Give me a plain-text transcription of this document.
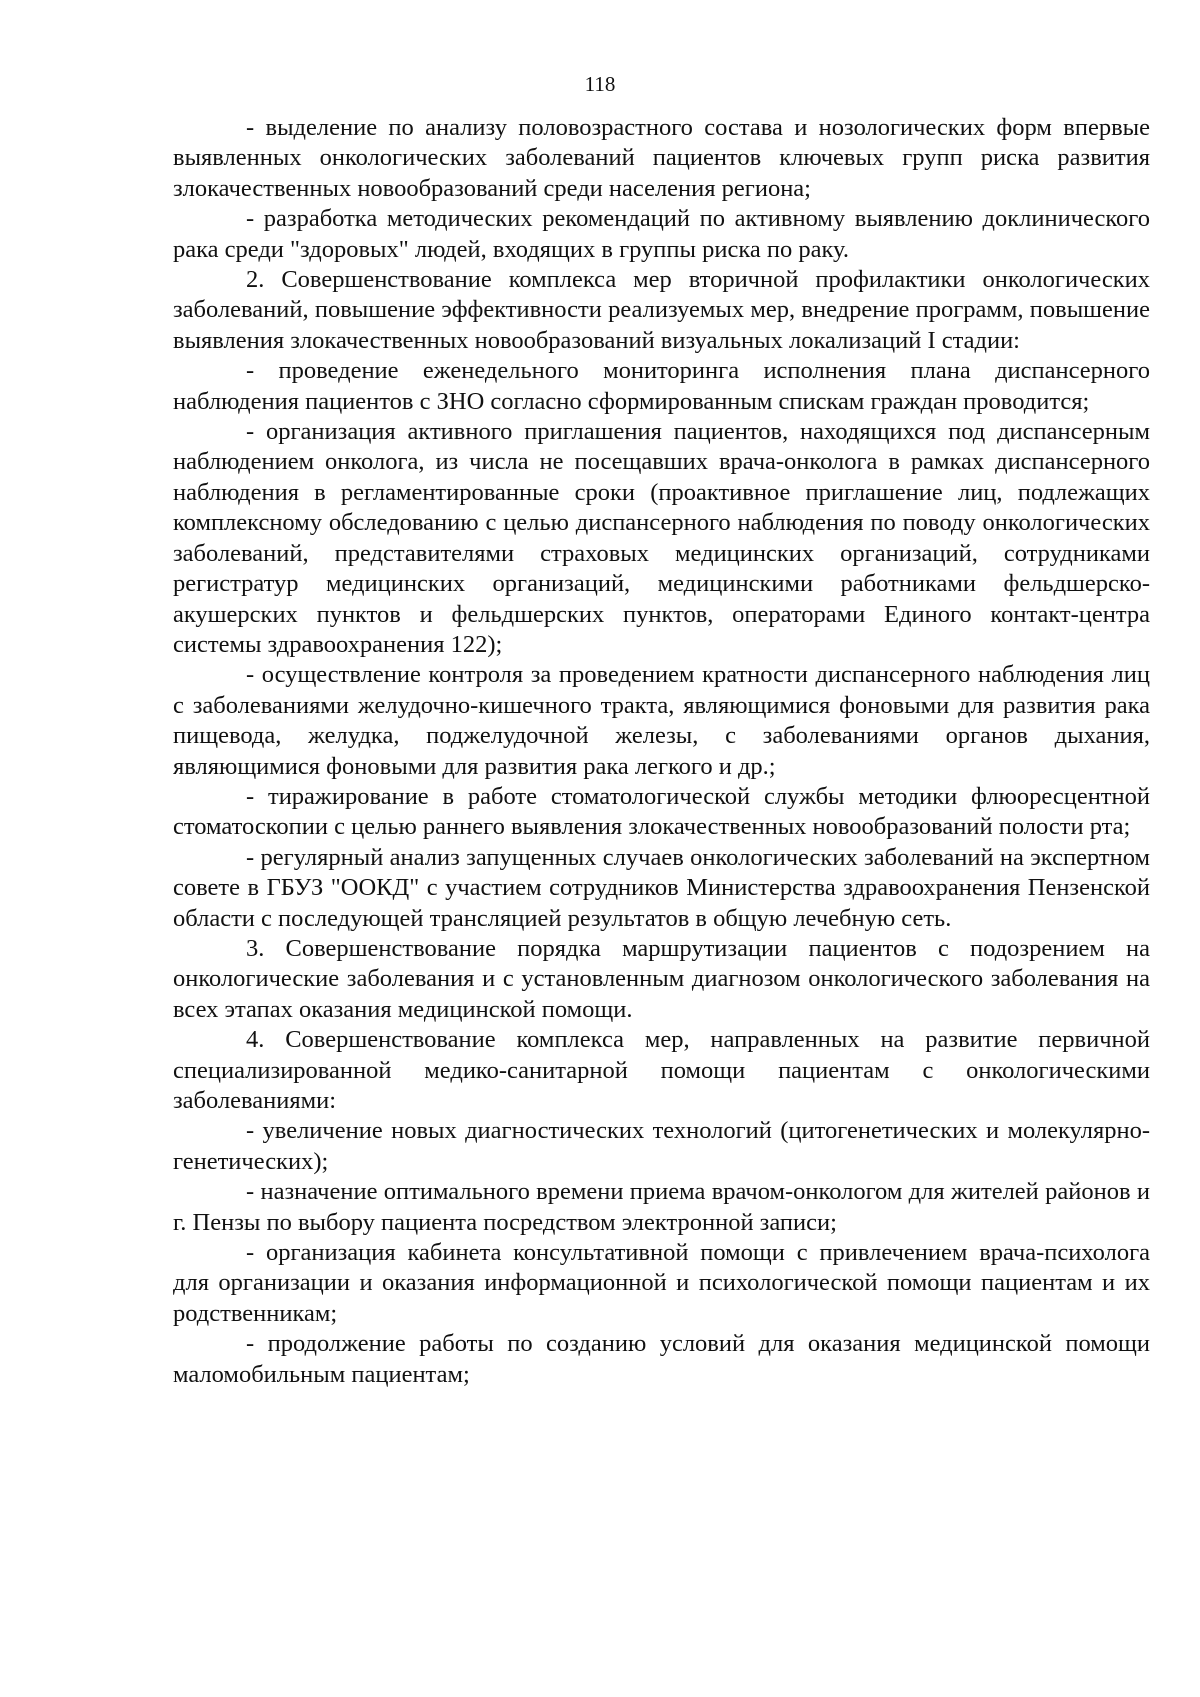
118

- выделение по анализу половозрастного состава и нозологических форм впервые выявленных онкологических заболеваний пациентов ключевых групп риска развития злокачественных новообразований среди населения региона;

- разработка методических рекомендаций по активному выявлению доклинического рака среди "здоровых" людей, входящих в группы риска по раку.

2. Совершенствование комплекса мер вторичной профилактики онкологических заболеваний, повышение эффективности реализуемых мер, внедрение программ, повышение выявления злокачественных новообразований визуальных локализаций I стадии:

- проведение еженедельного мониторинга исполнения плана диспансерного наблюдения пациентов с ЗНО согласно сформированным спискам граждан проводится;

- организация активного приглашения пациентов, находящихся под диспансерным наблюдением онколога, из числа не посещавших врача-онколога в рамках диспансерного наблюдения в регламентированные сроки (проактивное приглашение лиц, подлежащих комплексному обследованию с целью диспансерного наблюдения по поводу онкологических заболеваний, представителями страховых медицинских организаций, сотрудниками регистратур медицинских организаций, медицинскими работниками фельдшерско-акушерских пунктов и фельдшерских пунктов, операторами Единого контакт-центра системы здравоохранения 122);

- осуществление контроля за проведением кратности диспансерного наблюдения лиц с заболеваниями желудочно-кишечного тракта, являющимися фоновыми для развития рака пищевода, желудка, поджелудочной железы, с заболеваниями органов дыхания, являющимися фоновыми для развития рака легкого и др.;

- тиражирование в работе стоматологической службы методики флюоресцентной стоматоскопии с целью раннего выявления злокачественных новообразований полости рта;

- регулярный анализ запущенных случаев онкологических заболеваний на экспертном совете в ГБУЗ "ООКД" с участием сотрудников Министерства здравоохранения Пензенской области с последующей трансляцией результатов в общую лечебную сеть.

3. Совершенствование порядка маршрутизации пациентов с подозрением на онкологические заболевания и с установленным диагнозом онкологического заболевания на всех этапах оказания медицинской помощи.

4. Совершенствование комплекса мер, направленных на развитие первичной специализированной медико-санитарной помощи пациентам с онкологическими заболеваниями:

- увеличение новых диагностических технологий (цитогенетических и молекулярно-генетических);

- назначение оптимального времени приема врачом-онкологом для жителей районов и г. Пензы по выбору пациента посредством электронной записи;

- организация кабинета консультативной помощи с привлечением врача-психолога для организации и оказания информационной и психологической помощи пациентам и их родственникам;

- продолжение работы по созданию условий для оказания медицинской помощи маломобильным пациентам;
